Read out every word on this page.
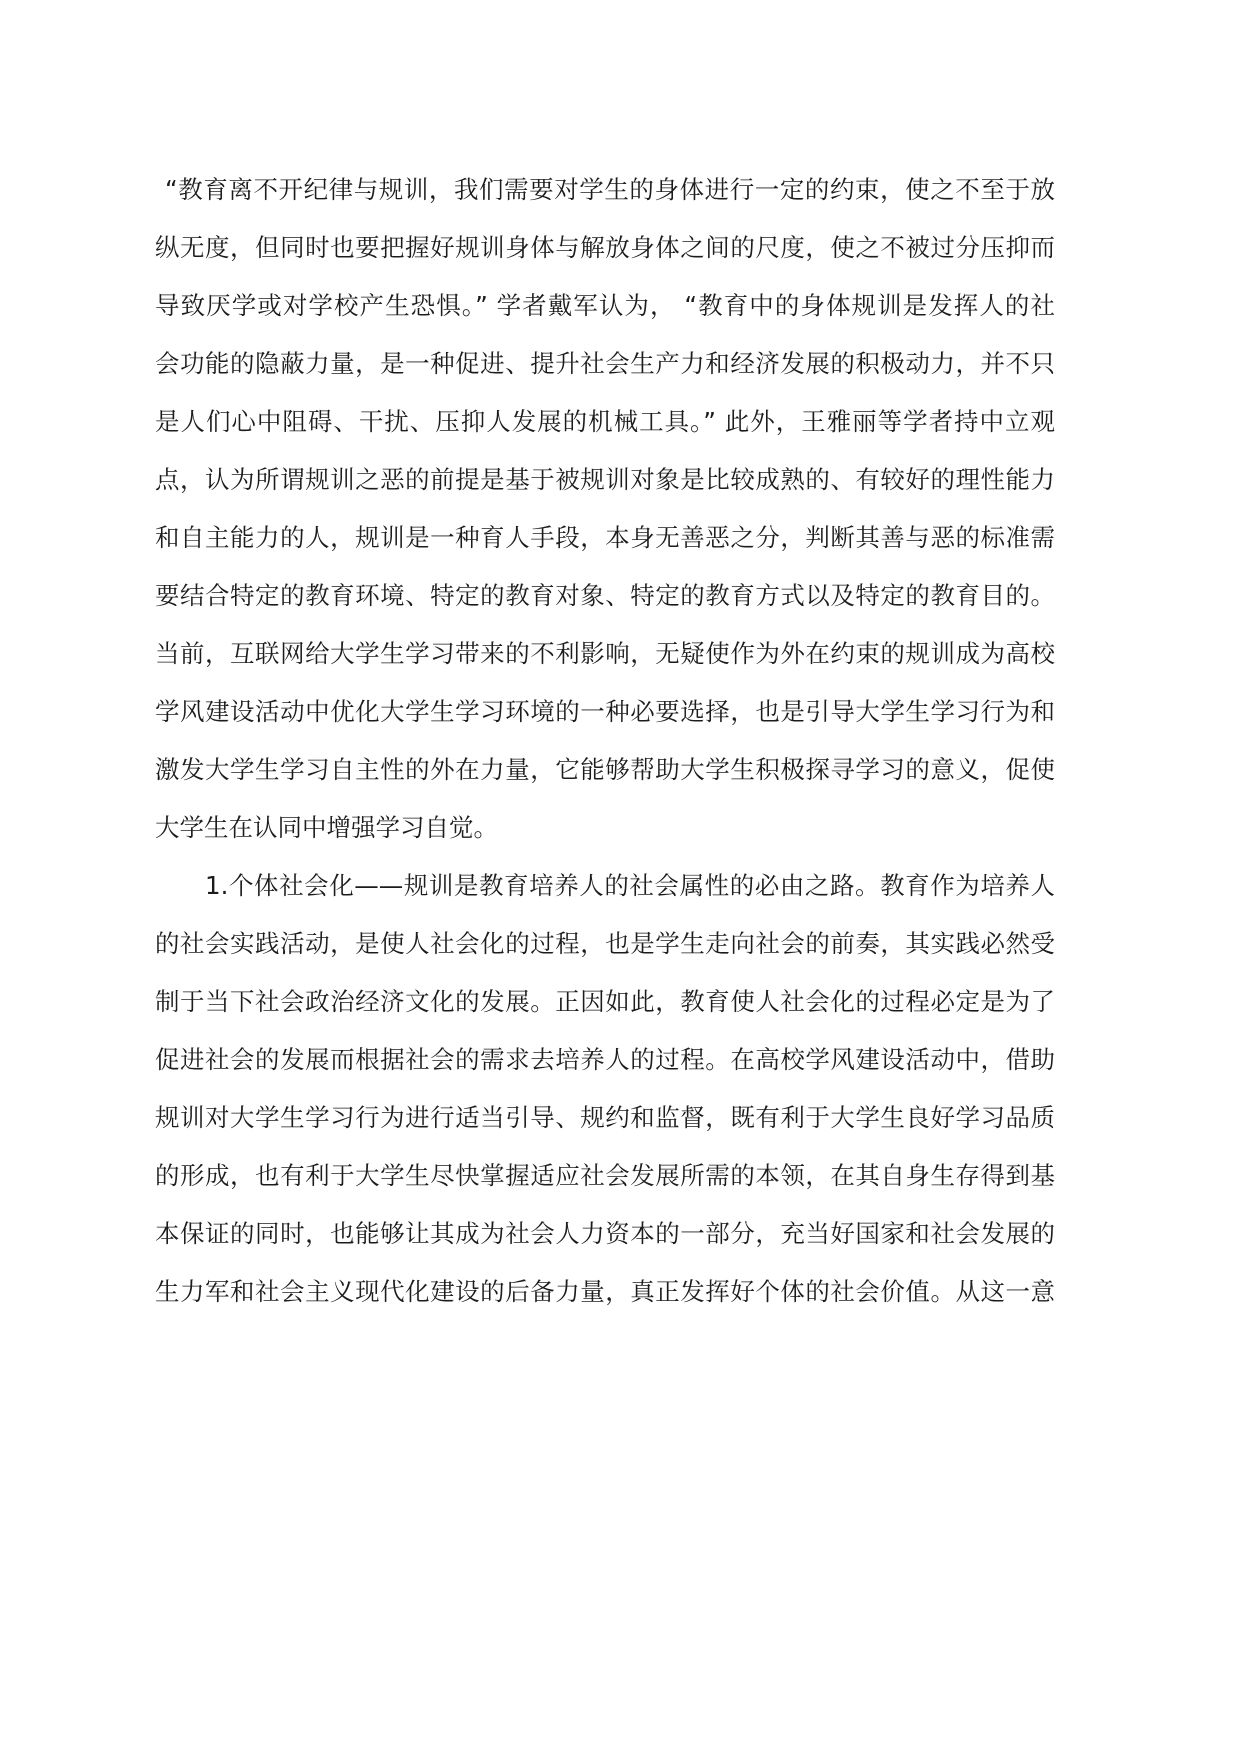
“教育离不开纪律与规训，我们需要对学生的身体进行一定的约束，使之不至于放
纵无度，但同时也要把握好规训身体与解放身体之间的尺度，使之不被过分压抑而
导致厌学或对学校产生恐惧。” 学者戴军认为， “教育中的身体规训是发挥人的社
会功能的隐蔽力量，是一种促进、提升社会生产力和经济发展的积极动力，并不只
是人们心中阻碍、干扰、压抑人发展的机械工具。” 此外，王雅丽等学者持中立观
点，认为所谓规训之恶的前提是基于被规训对象是比较成熟的、有较好的理性能力
和自主能力的人，规训是一种育人手段，本身无善恶之分，判断其善与恶的标准需
要结合特定的教育环境、特定的教育对象、特定的教育方式以及特定的教育目的。
当前，互联网给大学生学习带来的不利影响，无疑使作为外在约束的规训成为高校
学风建设活动中优化大学生学习环境的一种必要选择，也是引导大学生学习行为和
激发大学生学习自主性的外在力量，它能够帮助大学生积极探寻学习的意义，促使
大学生在认同中增强学习自觉。
1.个体社会化——规训是教育培养人的社会属性的必由之路。教育作为培养人
的社会实践活动，是使人社会化的过程，也是学生走向社会的前奏，其实践必然受
制于当下社会政治经济文化的发展。正因如此，教育使人社会化的过程必定是为了
促进社会的发展而根据社会的需求去培养人的过程。在高校学风建设活动中，借助
规训对大学生学习行为进行适当引导、规约和监督，既有利于大学生良好学习品质
的形成，也有利于大学生尽快掌握适应社会发展所需的本领，在其自身生存得到基
本保证的同时，也能够让其成为社会人力资本的一部分，充当好国家和社会发展的
生力军和社会主义现代化建设的后备力量，真正发挥好个体的社会价值。从这一意
